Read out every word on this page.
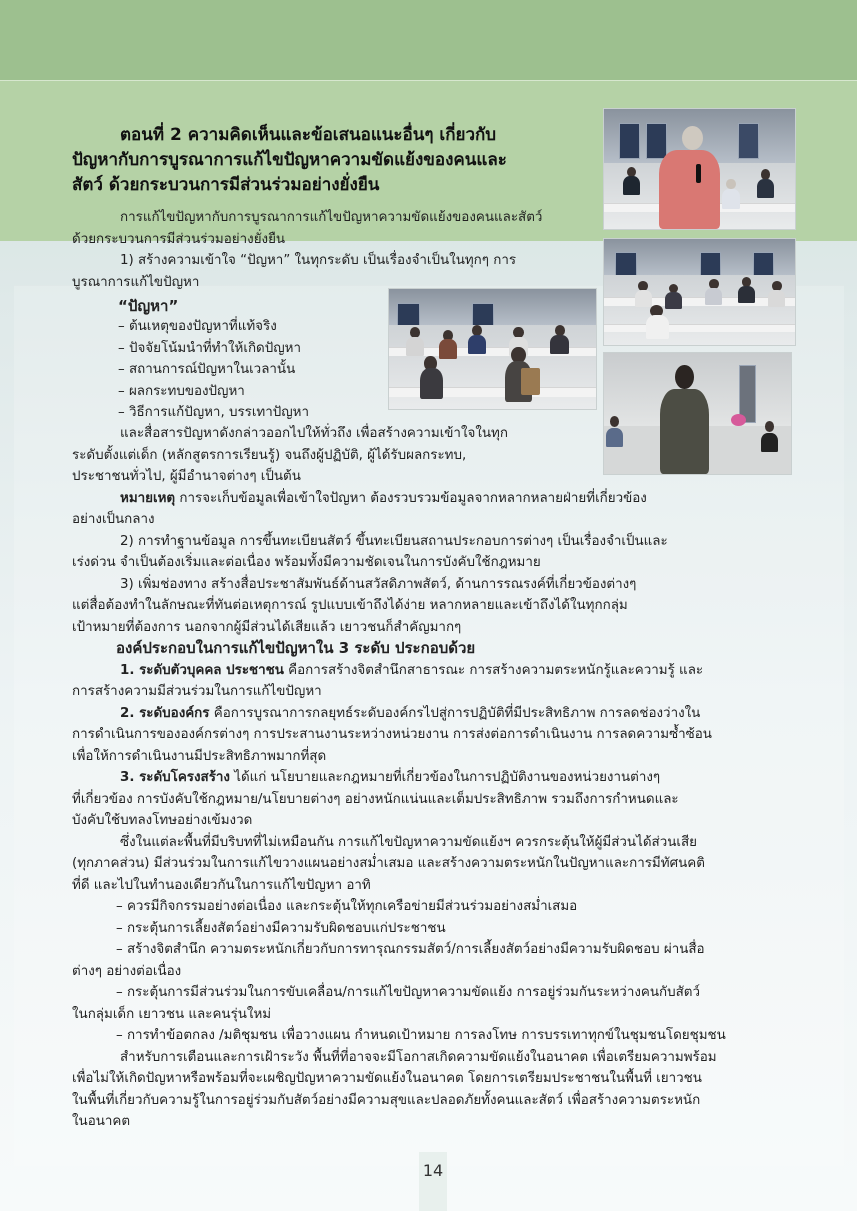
ตอนที่ 2 ความคิดเห็นและข้อเสนอแนะอื่นๆ เกี่ยวกับ
ปัญหากับการบูรณาการแก้ไขปัญหาความขัดแย้งของคนและ
สัตว์ ด้วยกระบวนการมีส่วนร่วมอย่างยั่งยืน

การแก้ไขปัญหากับการบูรณาการแก้ไขปัญหาความขัดแย้งของคนและสัตว์
ด้วยกระบวนการมีส่วนร่วมอย่างยั่งยืน

1) สร้างความเข้าใจ “ปัญหา” ในทุกระดับ เป็นเรื่องจำเป็นในทุกๆ การ
บูรณาการแก้ไขปัญหา

“ปัญหา”

– ต้นเหตุของปัญหาที่แท้จริง
– ปัจจัยโน้มนำที่ทำให้เกิดปัญหา
– สถานการณ์ปัญหาในเวลานั้น
– ผลกระทบของปัญหา
– วิธีการแก้ปัญหา, บรรเทาปัญหา

และสื่อสารปัญหาดังกล่าวออกไปให้ทั่วถึง เพื่อสร้างความเข้าใจในทุก

ระดับตั้งแต่เด็ก (หลักสูตรการเรียนรู้) จนถึงผู้ปฏิบัติ, ผู้ได้รับผลกระทบ,

ประชาชนทั่วไป, ผู้มีอำนาจต่างๆ เป็นต้น

หมายเหตุ การจะเก็บข้อมูลเพื่อเข้าใจปัญหา ต้องรวบรวมข้อมูลจากหลากหลายฝ่ายที่เกี่ยวข้อง

อย่างเป็นกลาง

2) การทำฐานข้อมูล การขึ้นทะเบียนสัตว์ ขึ้นทะเบียนสถานประกอบการต่างๆ เป็นเรื่องจำเป็นและ

เร่งด่วน จำเป็นต้องเริ่มและต่อเนื่อง พร้อมทั้งมีความชัดเจนในการบังคับใช้กฎหมาย

3) เพิ่มช่องทาง สร้างสื่อประชาสัมพันธ์ด้านสวัสดิภาพสัตว์, ด้านการรณรงค์ที่เกี่ยวข้องต่างๆ

แต่สื่อต้องทำในลักษณะที่ทันต่อเหตุการณ์ รูปแบบเข้าถึงได้ง่าย หลากหลายและเข้าถึงได้ในทุกกลุ่ม

เป้าหมายที่ต้องการ นอกจากผู้มีส่วนได้เสียแล้ว เยาวชนก็สำคัญมากๆ

องค์ประกอบในการแก้ไขปัญหาใน 3 ระดับ ประกอบด้วย

1. ระดับตัวบุคคล ประชาชน คือการสร้างจิตสำนึกสาธารณะ การสร้างความตระหนักรู้และความรู้ และ

การสร้างความมีส่วนร่วมในการแก้ไขปัญหา

2. ระดับองค์กร คือการบูรณาการกลยุทธ์ระดับองค์กรไปสู่การปฏิบัติที่มีประสิทธิภาพ การลดช่องว่างใน

การดำเนินการขององค์กรต่างๆ การประสานงานระหว่างหน่วยงาน การส่งต่อการดำเนินงาน การลดความซ้ำซ้อน

เพื่อให้การดำเนินงานมีประสิทธิภาพมากที่สุด

3. ระดับโครงสร้าง ได้แก่ นโยบายและกฎหมายที่เกี่ยวข้องในการปฏิบัติงานของหน่วยงานต่างๆ

ที่เกี่ยวข้อง การบังคับใช้กฎหมาย/นโยบายต่างๆ อย่างหนักแน่นและเต็มประสิทธิภาพ รวมถึงการกำหนดและ

บังคับใช้บทลงโทษอย่างเข้มงวด

ซึ่งในแต่ละพื้นที่มีบริบทที่ไม่เหมือนกัน การแก้ไขปัญหาความขัดแย้งฯ ควรกระตุ้นให้ผู้มีส่วนได้ส่วนเสีย

(ทุกภาคส่วน) มีส่วนร่วมในการแก้ไขวางแผนอย่างสม่ำเสมอ และสร้างความตระหนักในปัญหาและการมีทัศนคติ

ที่ดี และไปในทำนองเดียวกันในการแก้ไขปัญหา อาทิ

– ควรมีกิจกรรมอย่างต่อเนื่อง และกระตุ้นให้ทุกเครือข่ายมีส่วนร่วมอย่างสม่ำเสมอ

– กระตุ้นการเลี้ยงสัตว์อย่างมีความรับผิดชอบแก่ประชาชน

– สร้างจิตสำนึก ความตระหนักเกี่ยวกับการทารุณกรรมสัตว์/การเลี้ยงสัตว์อย่างมีความรับผิดชอบ ผ่านสื่อ

ต่างๆ อย่างต่อเนื่อง

– กระตุ้นการมีส่วนร่วมในการขับเคลื่อน/การแก้ไขปัญหาความขัดแย้ง การอยู่ร่วมกันระหว่างคนกับสัตว์

ในกลุ่มเด็ก เยาวชน และคนรุ่นใหม่

– การทำข้อตกลง /มติชุมชน เพื่อวางแผน กำหนดเป้าหมาย การลงโทษ การบรรเทาทุกข์ในชุมชนโดยชุมชน

สำหรับการเตือนและการเฝ้าระวัง พื้นที่ที่อาจจะมีโอกาสเกิดความขัดแย้งในอนาคต เพื่อเตรียมความพร้อม

เพื่อไม่ให้เกิดปัญหาหรือพร้อมที่จะเผชิญปัญหาความขัดแย้งในอนาคต โดยการเตรียมประชาชนในพื้นที่ เยาวชน

ในพื้นที่เกี่ยวกับความรู้ในการอยู่ร่วมกับสัตว์อย่างมีความสุขและปลอดภัยทั้งคนและสัตว์ เพื่อสร้างความตระหนัก

ในอนาคต

14
